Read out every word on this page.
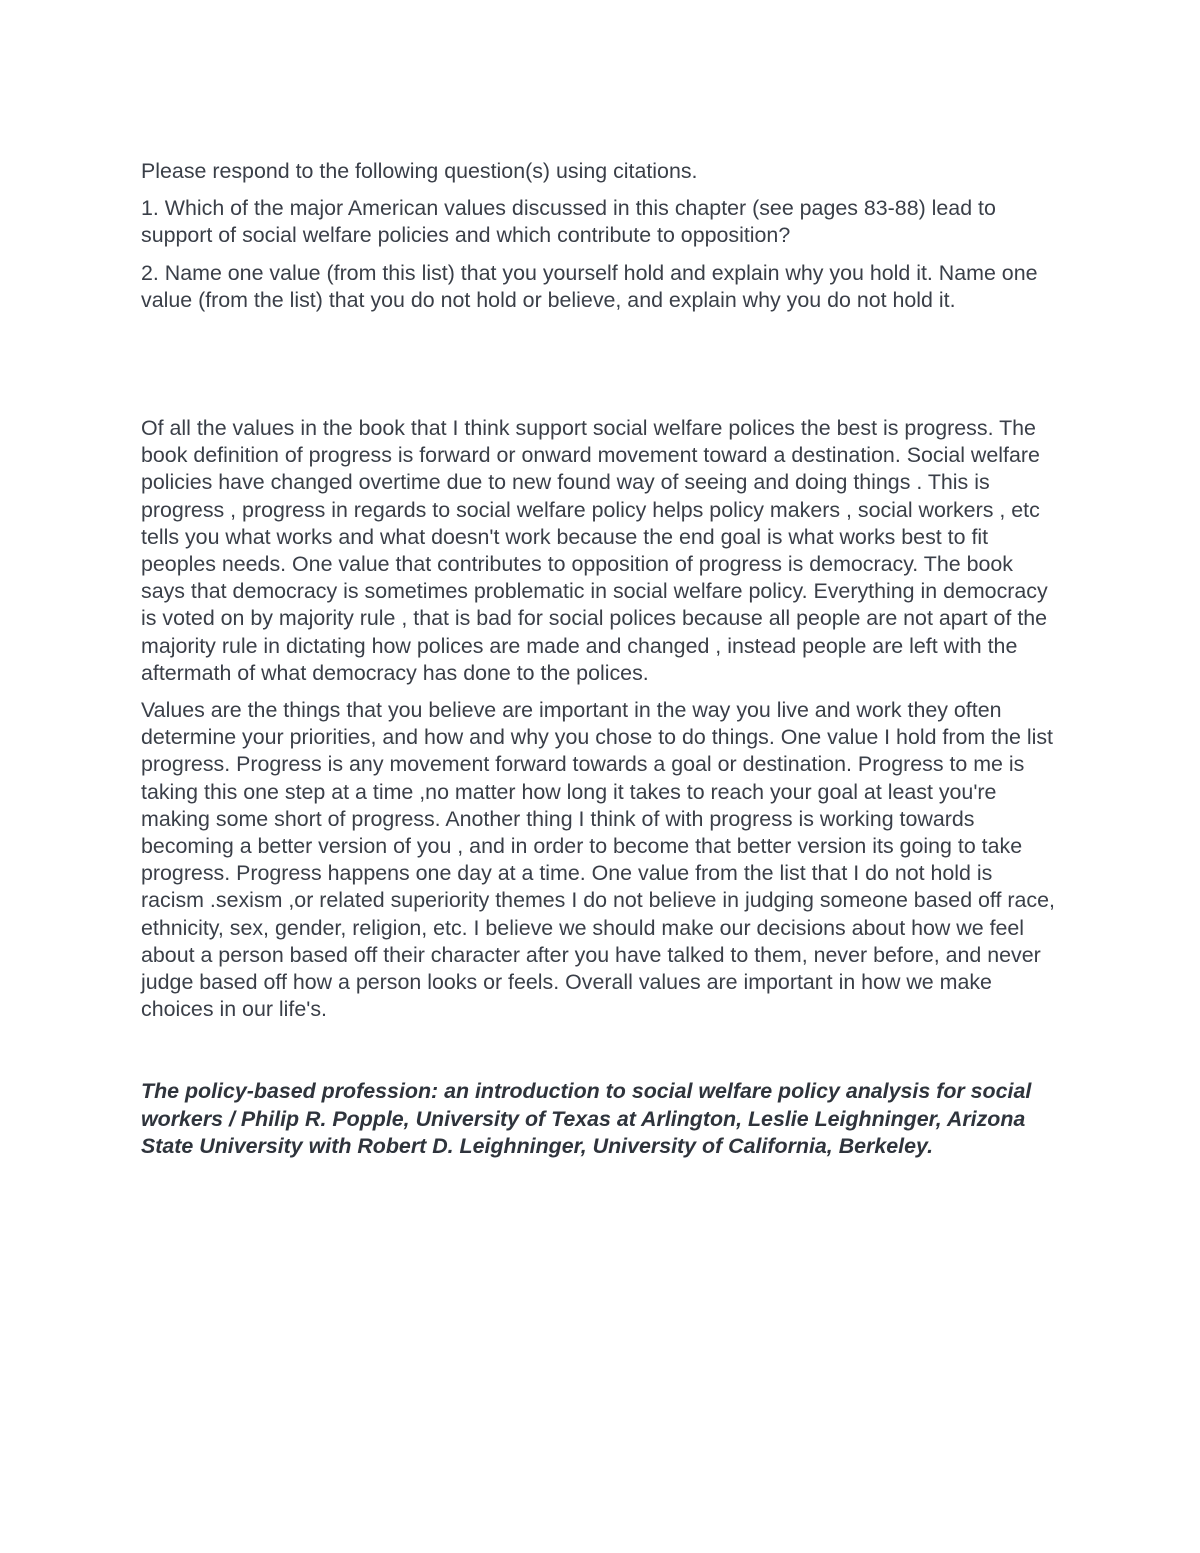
Please respond to the following question(s) using citations.

1. Which of the major American values discussed in this chapter (see pages 83-88) lead to support of social welfare policies and which contribute to opposition?

2. Name one value (from this list) that you yourself hold and explain why you hold it. Name one value (from the list) that you do not hold or believe, and explain why you do not hold it.

Of all the values in the book that I think support social welfare polices the best is progress. The book definition of progress is forward or onward movement toward a destination. Social welfare policies have changed overtime due to new found way of seeing and doing things . This is progress , progress in regards to social welfare policy helps policy makers , social workers , etc tells you what works and what doesn't work because the end goal is what works best to fit peoples needs. One value that contributes to opposition of progress is democracy. The book says that democracy is sometimes problematic in social welfare policy. Everything in democracy is voted on by majority rule , that is bad for social polices because all people are not apart of the majority rule in dictating how polices are made and changed , instead people are left with the aftermath of what democracy has done to the polices.

Values are the things that you believe are important in the way you live and work they often determine your priorities, and how and why you chose to do things. One value I hold from the list progress. Progress is any movement forward towards a goal or destination. Progress to me is taking this one step at a time ,no matter how long it takes to reach your goal at least you're making some short of progress. Another thing I think of with progress is working towards becoming a better version of you , and in order to become that better version its going to take progress. Progress happens one day at a time. One value from the list that I do not hold is racism .sexism ,or related superiority themes I do not believe in judging someone based off race, ethnicity, sex, gender, religion, etc. I believe we should make our decisions about how we feel about a person based off their character after you have talked to them, never before, and never judge based off how a person looks or feels. Overall values are important in how we make choices in our life's.

The policy-based profession: an introduction to social welfare policy analysis for social workers / Philip R. Popple, University of Texas at Arlington, Leslie Leighninger, Arizona State University with Robert D. Leighninger, University of California, Berkeley.
